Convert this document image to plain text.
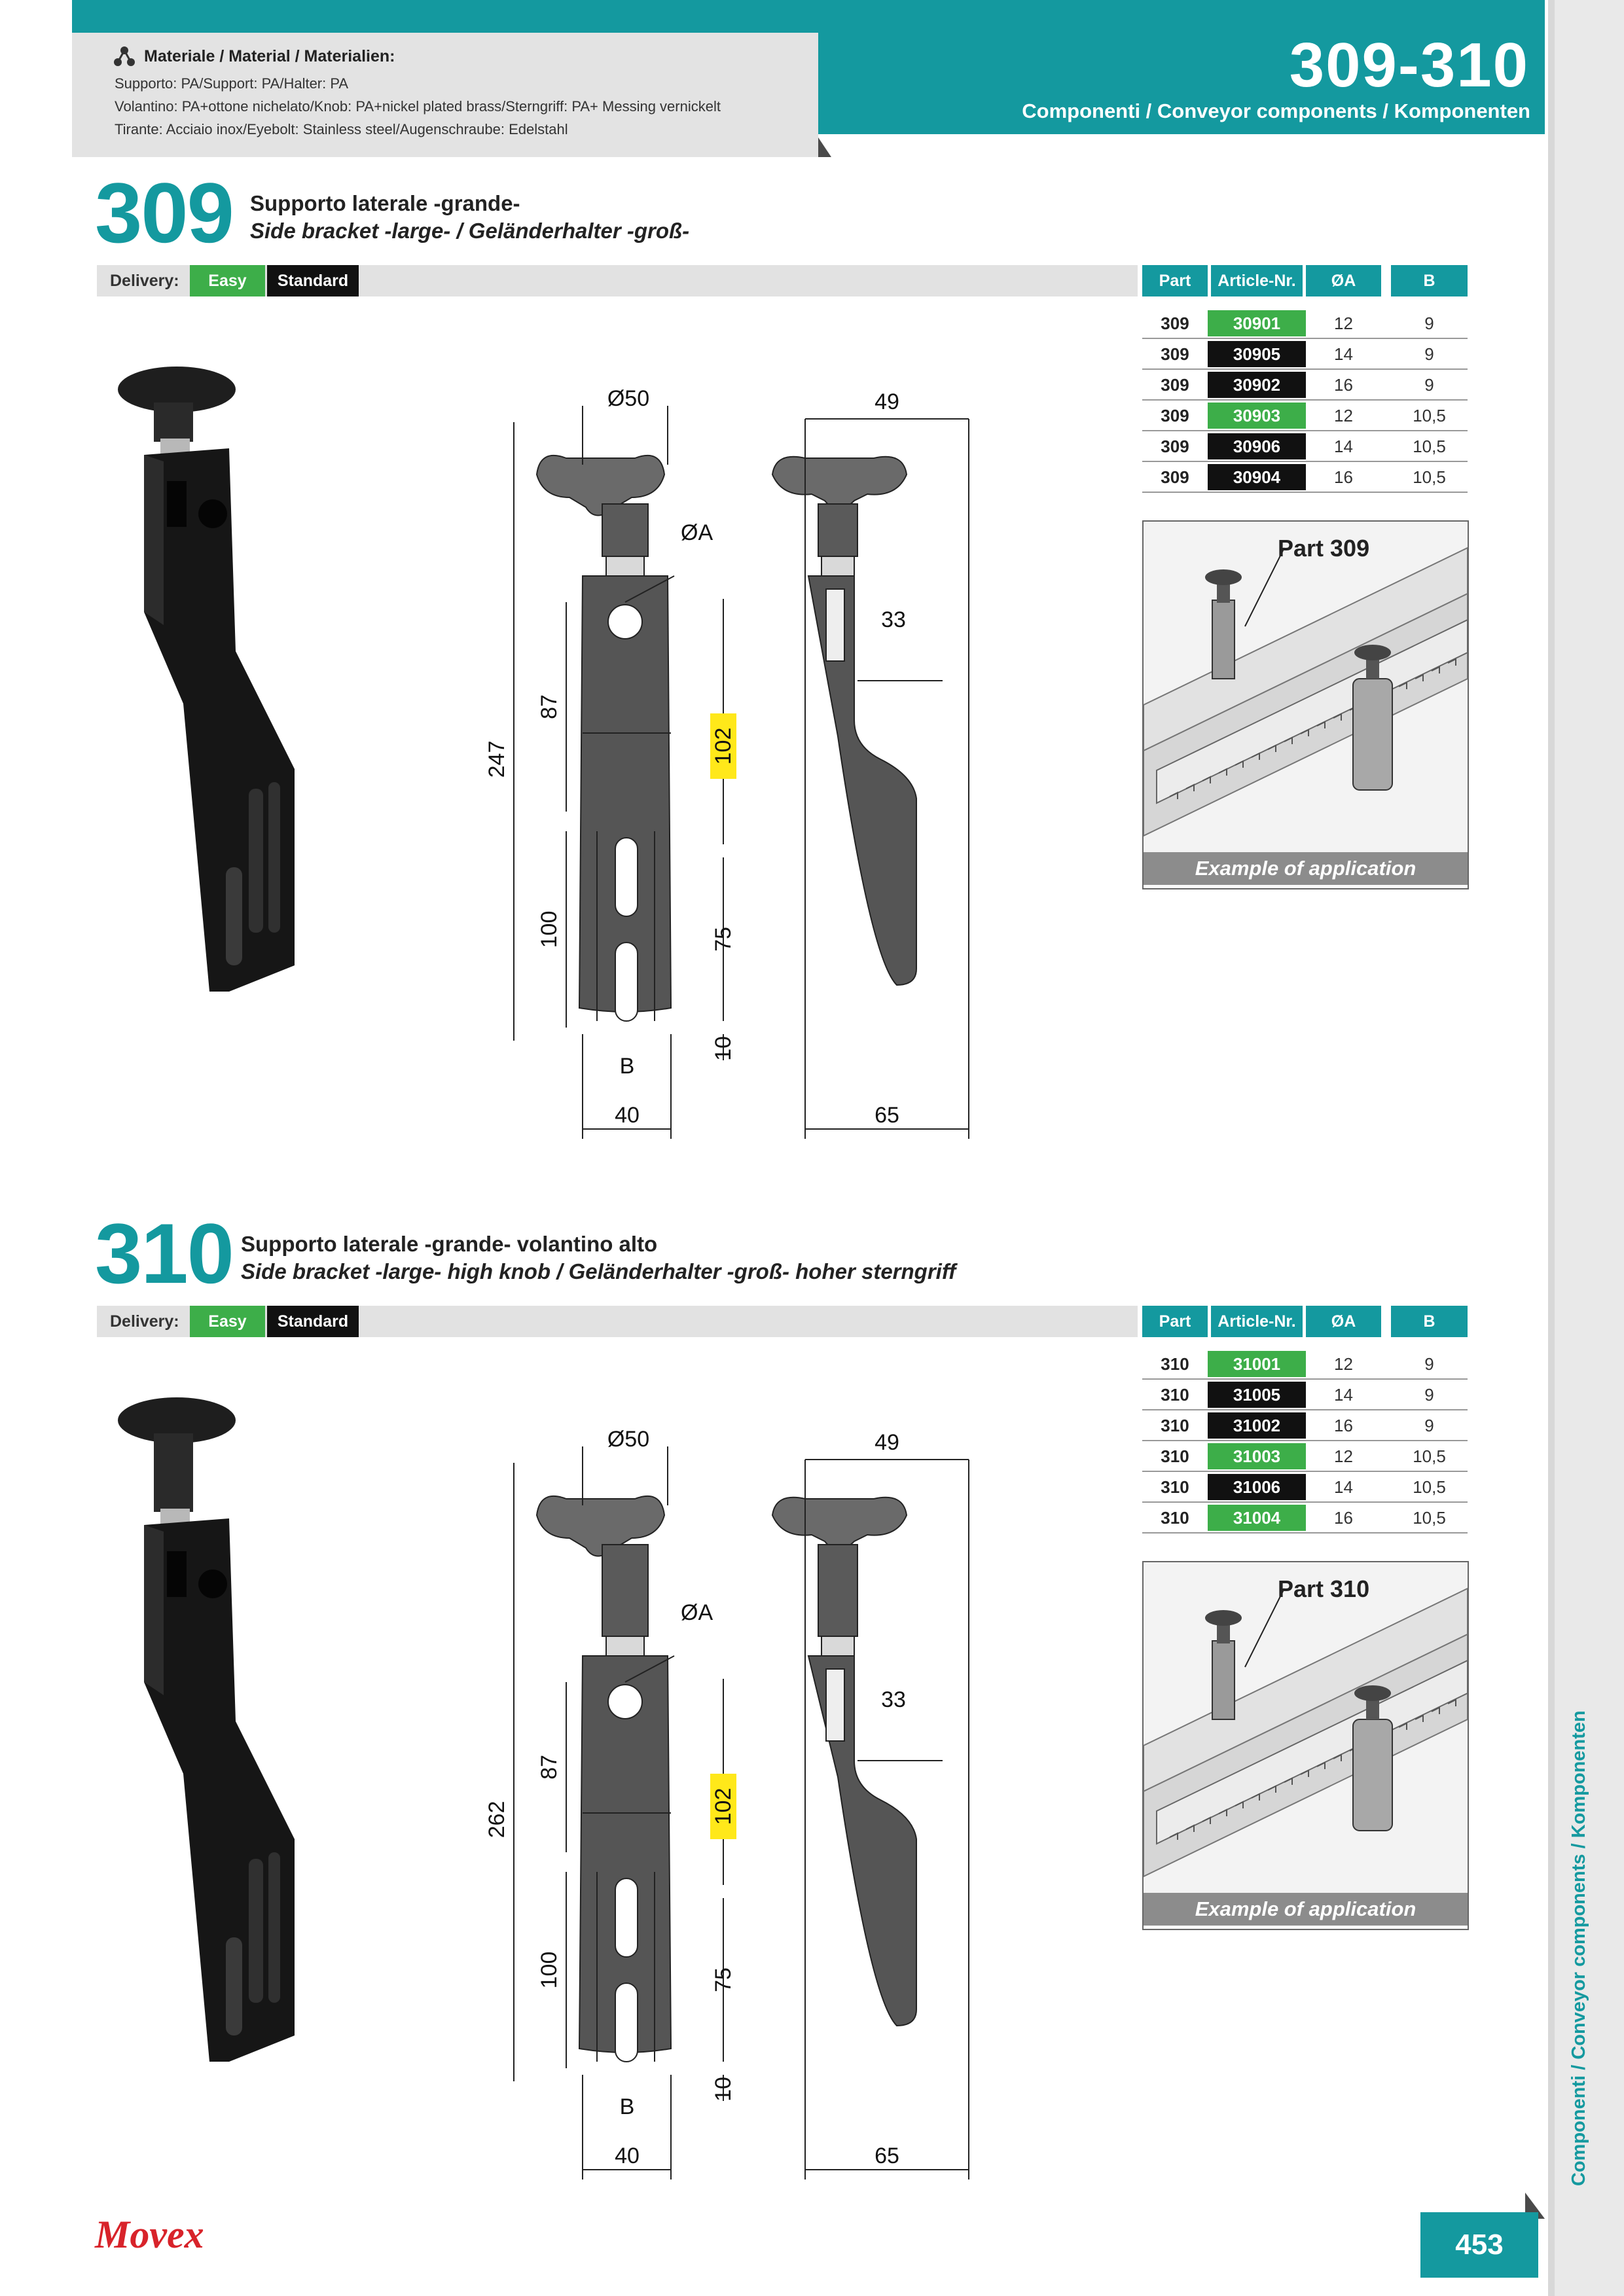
Materiale / Material / Materialien:
Supporto: PA/Support: PA/Halter: PA
Volantino: PA+ottone nichelato/Knob: PA+nickel plated brass/Sterngriff: PA+ Messing vernickelt
Tirante: Acciaio inox/Eyebolt: Stainless steel/Augenschraube: Edelstahl
309-310
Componenti / Conveyor components / Komponenten
Componenti / Conveyor components / Komponenten
309 Supporto laterale -grande-
Side bracket -large- / Geländerhalter -groß-
Delivery:	Easy	Standard	Part	Article-Nr.	ØA	B
309	30901	12	9
309	30905	14	9
309	30902	16	9
309	30903	12	10,5
309	30906	14	10,5
309	30904	16	10,5
Part 309
Example of application
Ø50
ØA
49
33
65
40
B
247
87
102
100	75
10
310 Supporto laterale -grande- volantino alto
Side bracket -large- high knob / Geländerhalter -groß- hoher sterngriff
Delivery:	Easy	Standard	Part	Article-Nr.	ØA	B
310	31001	12	9
310	31005	14	9
310	31002	16	9
310	31003	12	10,5
310	31006	14	10,5
310	31004	16	10,5
Part 310
Example of application
Ø50
ØA
49
33
65
40
B
262
87
102
100	75
10
Movex	453
